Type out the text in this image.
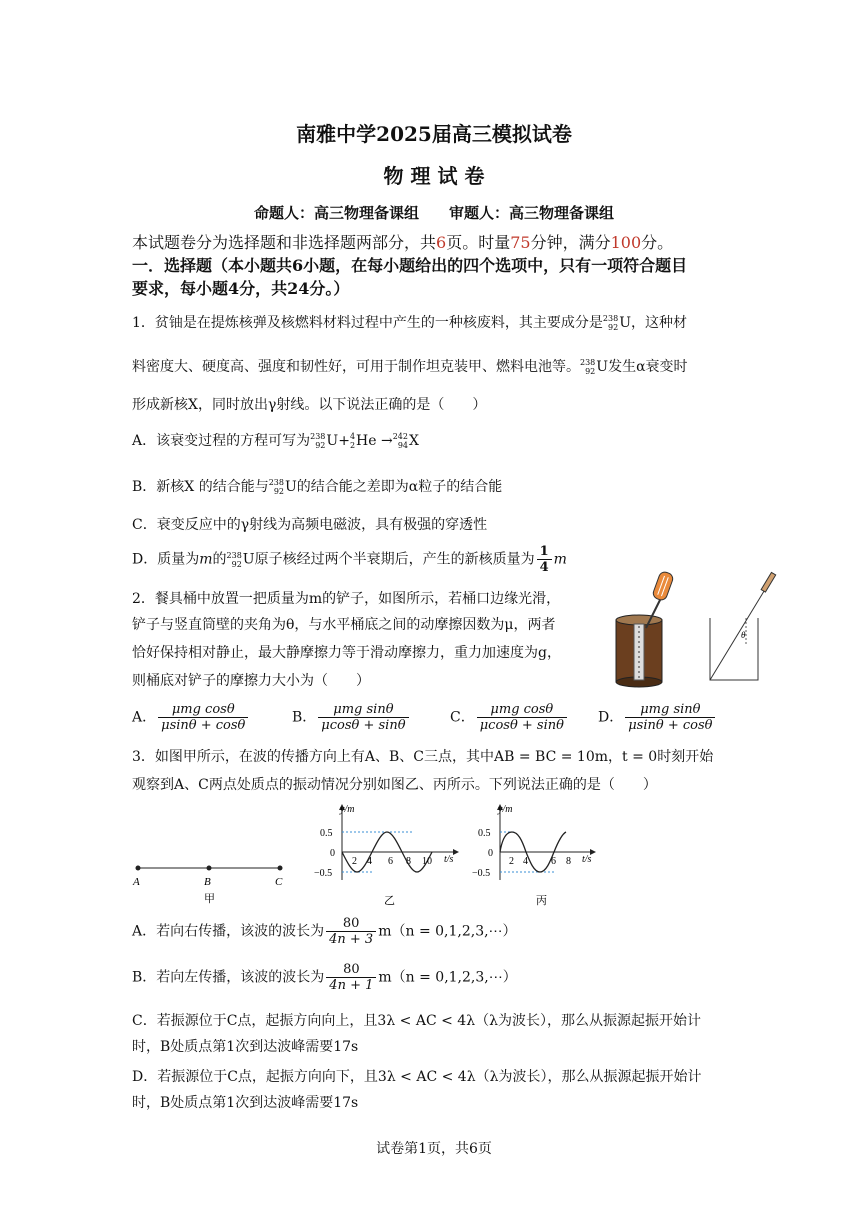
南雅中学2025届高三模拟试卷
物 理 试 卷
命题人：高三物理备课组　　审题人：高三物理备课组
本试题卷分为选择题和非选择题两部分，共6页。时量75分钟，满分100分。
一．选择题（本小题共6小题，在每小题给出的四个选项中，只有一项符合题目
要求，每小题4分，共24分。）
1．贫铀是在提炼核弹及核燃料材料过程中产生的一种核废料，其主要成分是 238
92 U，这种材
料密度大、硬度高、强度和韧性好，可用于制作坦克装甲、燃料电池等。 238
92 U发生α衰变时
形成新核X，同时放出γ射线。以下说法正确的是（　　）
A．该衰变过程的方程可写为 238
92 U+ 4
2 He → 242
94 X
B．新核X 的结合能与 238
92 U的结合能之差即为α粒子的结合能
C．衰变反应中的γ射线为高频电磁波，具有极强的穿透性
D．质量为m的 238
92 U原子核经过两个半衰期后，产生的新核质量为 $\frac{1}{4}$ m
2．餐具桶中放置一把质量为m的铲子，如图所示，若桶口边缘光滑，
铲子与竖直筒壁的夹角为θ，与水平桶底之间的动摩擦因数为μ，两者
恰好保持相对静止，最大静摩擦力等于滑动摩擦力，重力加速度为g，
则桶底对铲子的摩擦力大小为（　　）
θ
A． $\frac{\text{μmg cosθ}}{\mu\sin\theta + \cos\theta}$	B． $\frac{\text{μmg sinθ}}{\mu\cos\theta + \sin\theta}$	C． $\frac{\text{μmg cosθ}}{\mu\cos\theta + \sin\theta}$ D． $\frac{\text{μmg sinθ}}{\mu\sin\theta + \cos\theta}$
3．如图甲所示，在波的传播方向上有A、B、C三点，其中AB = BC = 10m，t = 0时刻开始
观察到A、C两点处质点的振动情况分别如图乙、丙所示。下列说法正确的是（　　）
A	B	C
甲
y/m
t/s
0.5
0
−0.5
2 4 6 8 10
乙
y/m
t/s
0.5
0
−0.5
2 4 6 8
丙
A．若向右传播，该波的波长为 $\frac{80}{4n + 3} m(n$ = 0,1,2,3,⋯）
B．若向左传播，该波的波长为 $\frac{80}{4n + 1} m(n$ = 0,1,2,3,⋯）
C．若振源位于C点，起振方向向上，且3λ < AC < 4λ（λ为波长），那么从振源起振开始计
时，B处质点第1次到达波峰需要17s
D．若振源位于C点，起振方向向下，且3λ < AC < 4λ（λ为波长），那么从振源起振开始计
时，B处质点第1次到达波峰需要17s
试卷第1页，共6页
